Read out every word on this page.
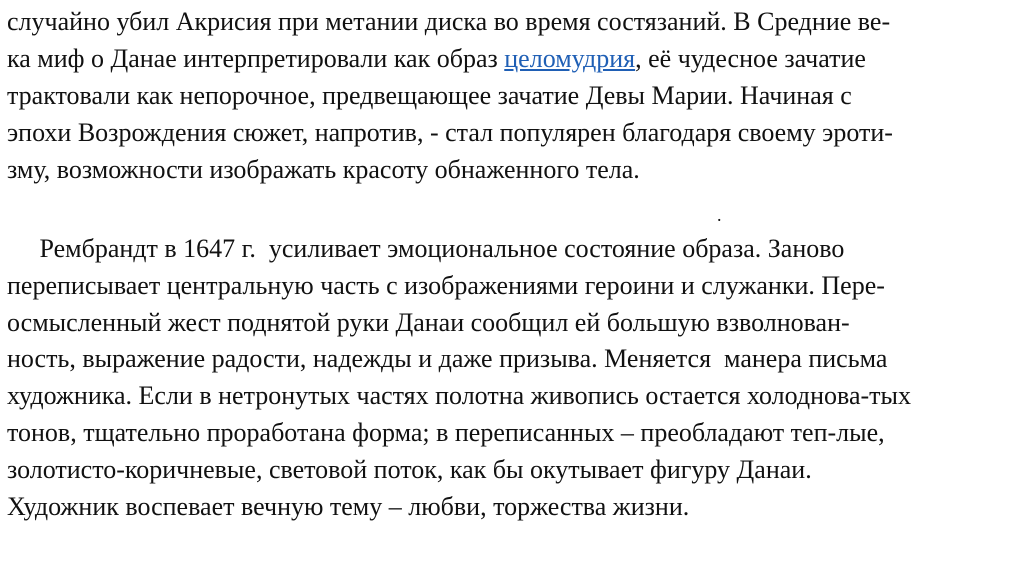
случайно убил Акрисия при метании диска во время состязаний. В Средние ве-
ка миф о Данае интерпретировали как образ целомудрия, её чудесное зачатие
трактовали как непорочное, предвещающее зачатие Девы Марии. Начиная с
эпохи Возрождения сюжет, напротив, - стал популярен благодаря своему эроти-
зму, возможности изображать красоту обнаженного тела.
.
Рембрандт в 1647 г.  усиливает эмоциональное состояние образа. Заново
переписывает центральную часть с изображениями героини и служанки. Пере-
осмысленный жест поднятой руки Данаи сообщил ей большую взволнован-
ность, выражение радости, надежды и даже призыва. Меняется  манера письма
художника. Если в нетронутых частях полотна живопись остается холоднова-тых
тонов, тщательно проработана форма; в переписанных – преобладают теп-лые,
золотисто-коричневые, световой поток, как бы окутывает фигуру Данаи.
Художник воспевает вечную тему – любви, торжества жизни.
